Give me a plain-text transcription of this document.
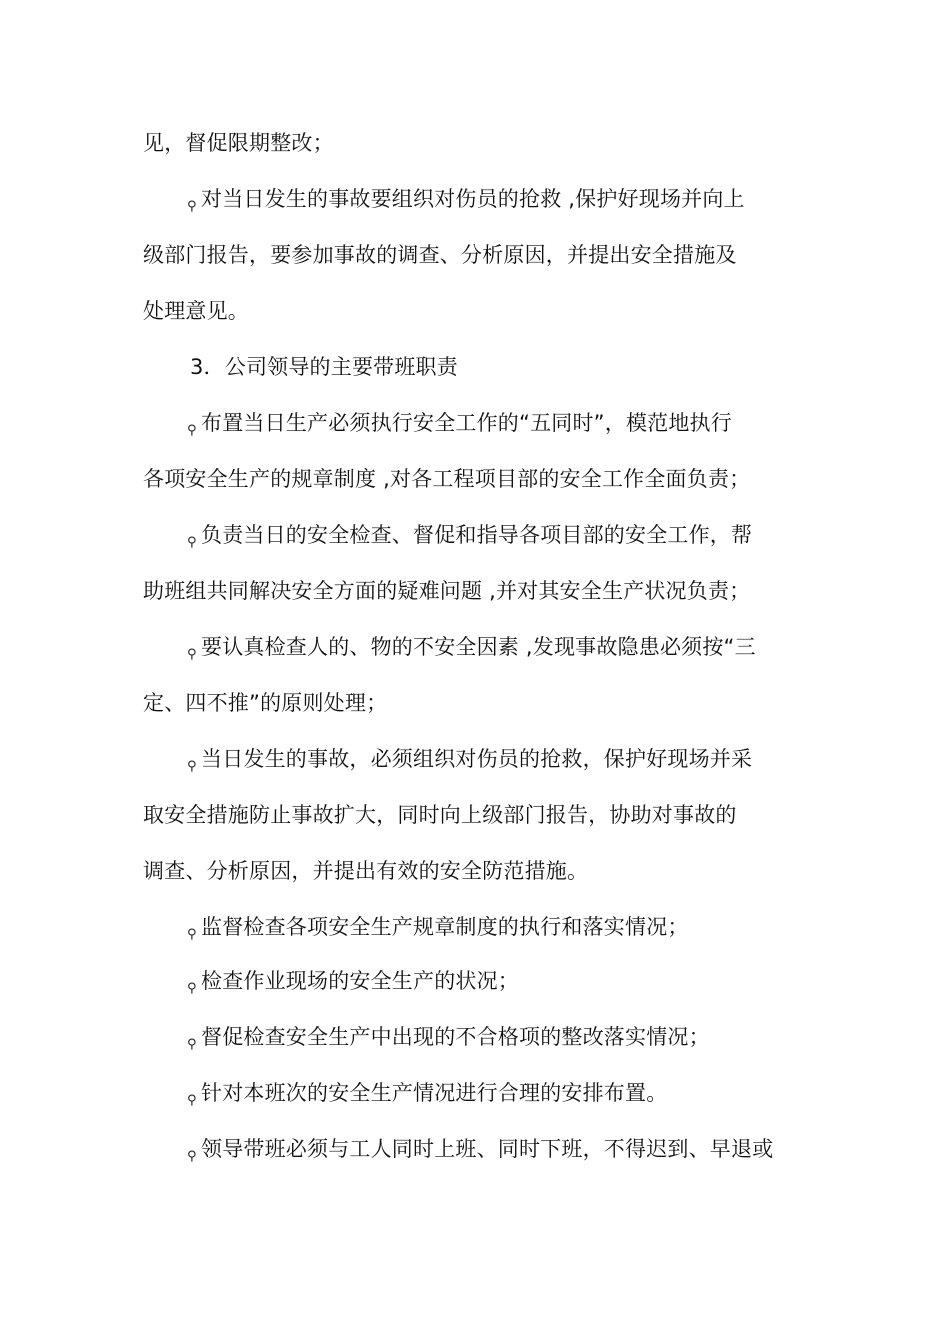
见，督促限期整改；
⚲ 对当日发生的事故要组织对伤员的抢救 ,保护好现场并向上
级部门报告，要参加事故的调查、分析原因，并提出安全措施及
处理意见。
3．公司领导的主要带班职责
⚲ 布置当日生产必须执行安全工作的“五同时”，模范地执行
各项安全生产的规章制度 ,对各工程项目部的安全工作全面负责；
⚲ 负责当日的安全检查、督促和指导各项目部的安全工作，帮
助班组共同解决安全方面的疑难问题 ,并对其安全生产状况负责；
⚲ 要认真检查人的、物的不安全因素 ,发现事故隐患必须按“三
定、四不推”的原则处理；
⚲ 当日发生的事故，必须组织对伤员的抢救，保护好现场并采
取安全措施防止事故扩大，同时向上级部门报告，协助对事故的
调查、分析原因，并提出有效的安全防范措施。
⚲ 监督检查各项安全生产规章制度的执行和落实情况；
⚲ 检查作业现场的安全生产的状况；
⚲ 督促检查安全生产中出现的不合格项的整改落实情况；
⚲ 针对本班次的安全生产情况进行合理的安排布置。
⚲ 领导带班必须与工人同时上班、同时下班，不得迟到、早退或
